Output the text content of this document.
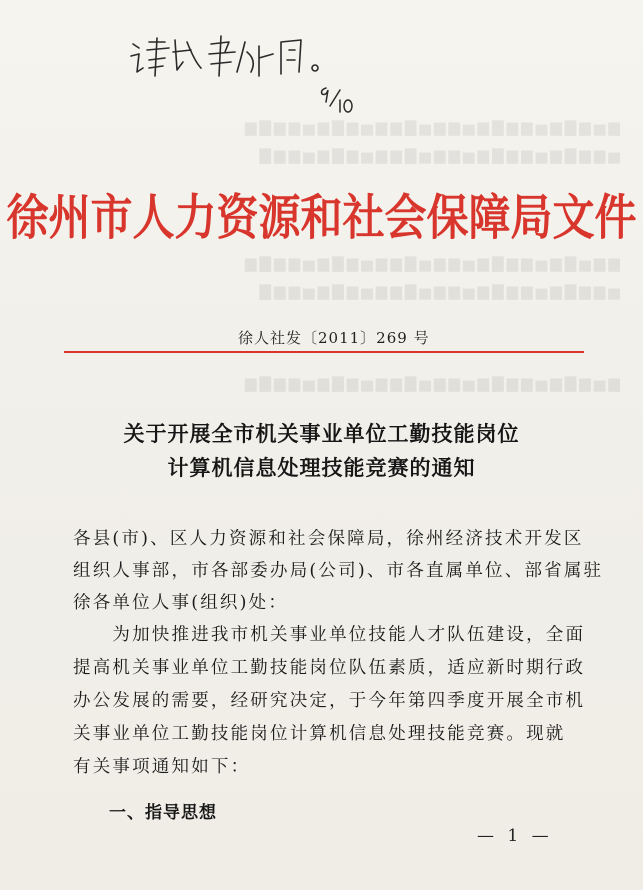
▆▅▆▇▆▅▆▆▇▆▅▆▆▅▇▆▆▅▆▇▆▅▆▆▇▆
▅▆▆▇▆▅▆▆▇▆▅▆▆▅▇▆▆▅▆▇▆▅▆▆▇
▆▆▅▇▆▅▆▆▇▆▅▆▆▅▇▆▆▅▆▇▆▅▆▆▇▆
▅▆▆▇▆▅▆▆▇▆▅▆▆▅▇▆▆▅▆▇▆▅▆▆▇
▆▅▆▇▆▅▆▆▇▆▅▆▆▅▇▆▆▅▆▇▆▅▆▆▇▆
徐州市人力资源和社会保障局文件
徐人社发〔2011〕269 号
关于开展全市机关事业单位工勤技能岗位
计算机信息处理技能竞赛的通知
各县(市)、区人力资源和社会保障局，徐州经济技术开发区
组织人事部，市各部委办局(公司)、市各直属单位、部省属驻
徐各单位人事(组织)处：
　　为加快推进我市机关事业单位技能人才队伍建设，全面
提高机关事业单位工勤技能岗位队伍素质，适应新时期行政
办公发展的需要，经研究决定，于今年第四季度开展全市机
关事业单位工勤技能岗位计算机信息处理技能竞赛。现就
有关事项通知如下：
一、指导思想
— 1 —
